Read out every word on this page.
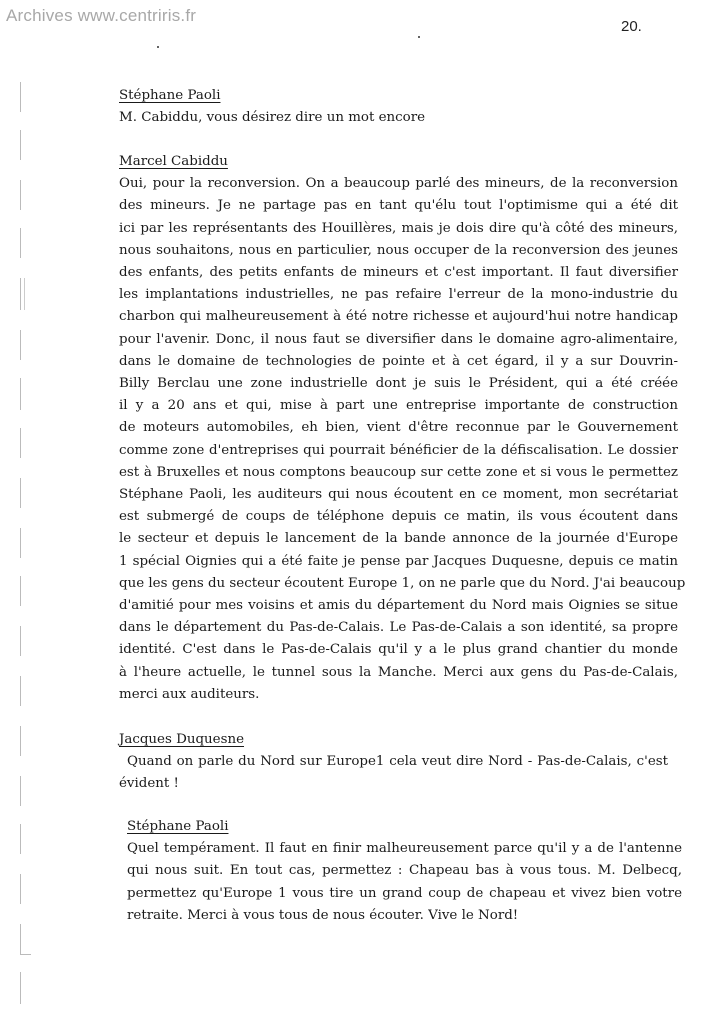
Archives www.centriris.fr
20.
Stéphane Paoli
M. Cabiddu, vous désirez dire un mot encore
Marcel Cabiddu
Oui, pour la reconversion. On a beaucoup parlé des mineurs, de la reconversion
des mineurs. Je ne partage pas en tant qu'élu tout l'optimisme qui a été dit
ici par les représentants des Houillères, mais je dois dire qu'à côté des mineurs,
nous souhaitons, nous en particulier, nous occuper de la reconversion des jeunes
des enfants, des petits enfants de mineurs et c'est important. Il faut diversifier
les implantations industrielles, ne pas refaire l'erreur de la mono-industrie du
charbon qui malheureusement à été notre richesse et aujourd'hui notre handicap
pour l'avenir. Donc, il nous faut se diversifier dans le domaine agro-alimentaire,
dans le domaine de technologies de pointe et à cet égard, il y a sur Douvrin-
Billy Berclau une zone industrielle dont je suis le Président, qui a été créée
il y a 20 ans et qui, mise à part une entreprise importante de construction
de moteurs automobiles, eh bien, vient d'être reconnue par le Gouvernement
comme zone d'entreprises qui pourrait bénéficier de la défiscalisation. Le dossier
est à Bruxelles et nous comptons beaucoup sur cette zone et si vous le permettez
Stéphane Paoli, les auditeurs qui nous écoutent en ce moment, mon secrétariat
est submergé de coups de téléphone depuis ce matin, ils vous écoutent dans
le secteur et depuis le lancement de la bande annonce de la journée d'Europe
1 spécial Oignies qui a été faite je pense par Jacques Duquesne, depuis ce matin
que les gens du secteur écoutent Europe 1, on ne parle que du Nord. J'ai beaucoup
d'amitié pour mes voisins et amis du département du Nord mais Oignies se situe
dans le département du Pas-de-Calais. Le Pas-de-Calais a son identité, sa propre
identité. C'est dans le Pas-de-Calais qu'il y a le plus grand chantier du monde
à l'heure actuelle, le tunnel sous la Manche. Merci aux gens du Pas-de-Calais,
merci aux auditeurs.
Jacques Duquesne
Quand on parle du Nord sur Europe1 cela veut dire Nord - Pas-de-Calais, c'est
évident !
Stéphane Paoli
Quel tempérament. Il faut en finir malheureusement parce qu'il y a de l'antenne
qui nous suit. En tout cas, permettez : Chapeau bas à vous tous. M. Delbecq,
permettez qu'Europe 1 vous tire un grand coup de chapeau et vivez bien votre
retraite. Merci à vous tous de nous écouter. Vive le Nord!
